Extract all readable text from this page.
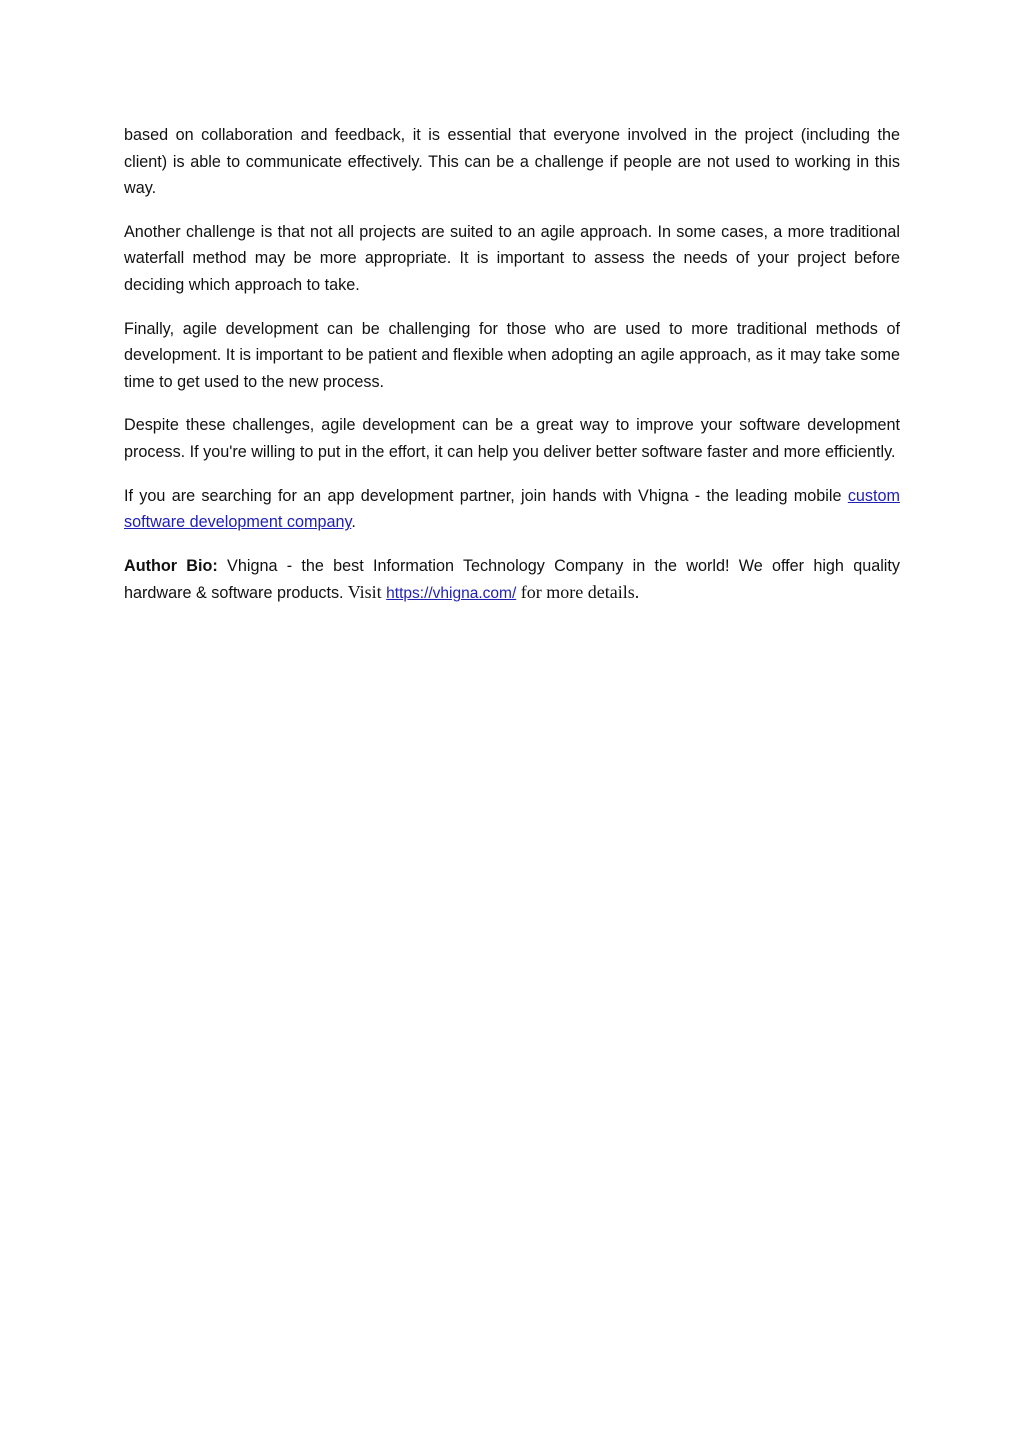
based on collaboration and feedback, it is essential that everyone involved in the project (including the client) is able to communicate effectively. This can be a challenge if people are not used to working in this way.

Another challenge is that not all projects are suited to an agile approach. In some cases, a more traditional waterfall method may be more appropriate. It is important to assess the needs of your project before deciding which approach to take.

Finally, agile development can be challenging for those who are used to more traditional methods of development. It is important to be patient and flexible when adopting an agile approach, as it may take some time to get used to the new process.

Despite these challenges, agile development can be a great way to improve your software development process. If you're willing to put in the effort, it can help you deliver better software faster and more efficiently.

If you are searching for an app development partner, join hands with Vhigna - the leading mobile custom software development company.

Author Bio: Vhigna - the best Information Technology Company in the world! We offer high quality hardware & software products. Visit https://vhigna.com/ for more details.
